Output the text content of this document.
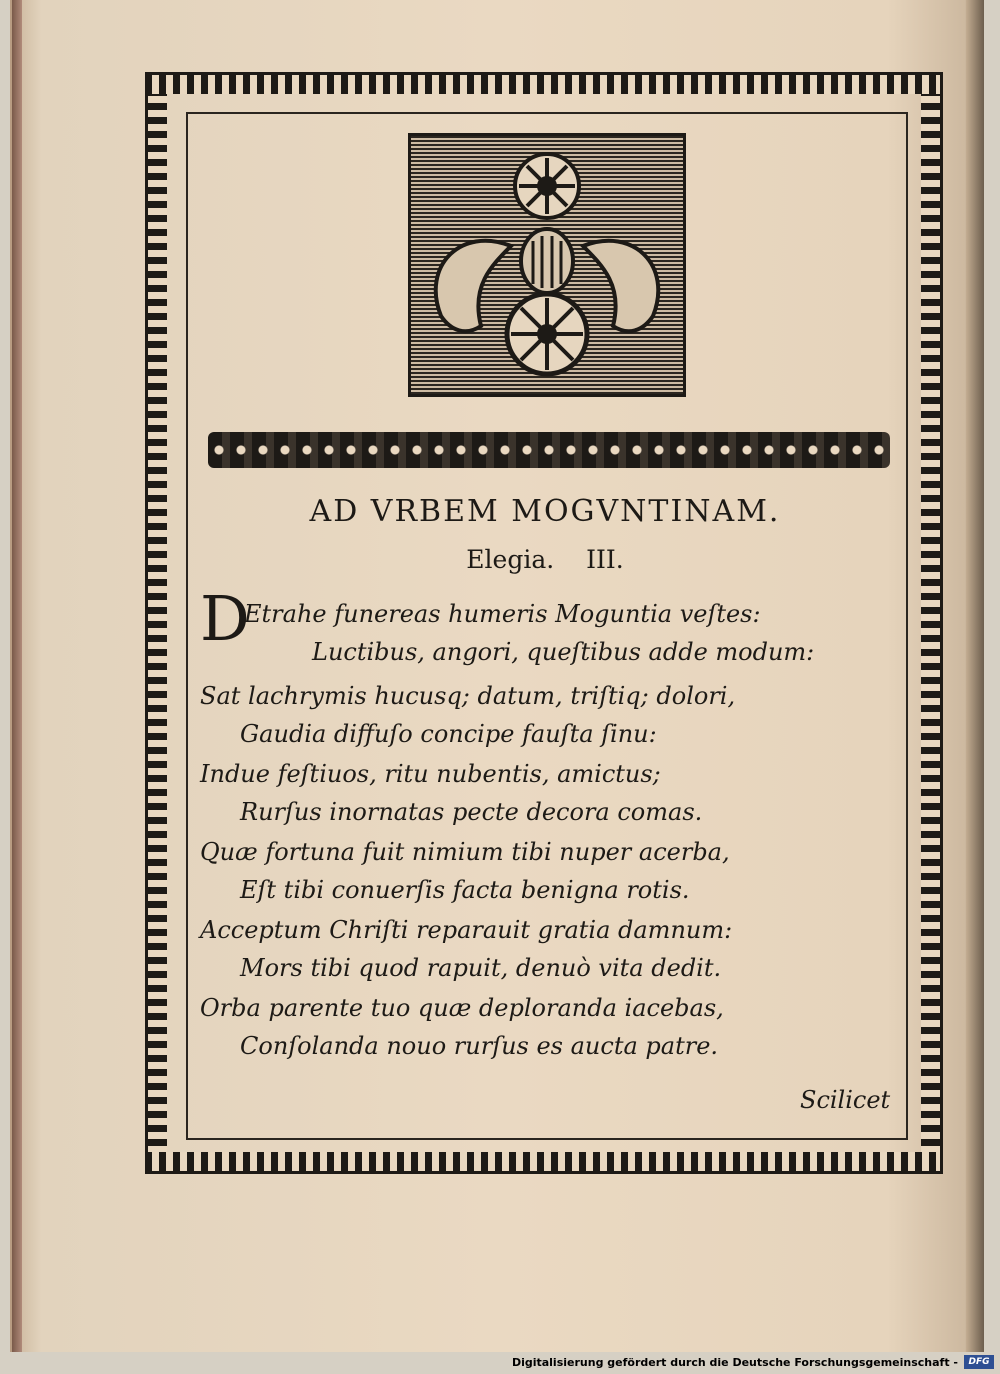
AD VRBEM MOGVNTINAM.
Elegia. III.
D
Etrahe funereas humeris Moguntia veſtes:
Luctibus, angori, queſtibus adde modum:
Sat lachrymis hucusq; datum, triſtiq; dolori,
Gaudia diffuſo concipe fauſta ſinu:
Indue feſtiuos, ritu nubentis, amictus;
Rurſus inornatas pecte decora comas.
Quæ fortuna fuit nimium tibi nuper acerba,
Eſt tibi conuerſis facta benigna rotis.
Acceptum Chriſti reparauit gratia damnum:
Mors tibi quod rapuit, denuò vita dedit.
Orba parente tuo quæ deploranda iacebas,
Conſolanda nouo rurſus es aucta patre.
Scilicet
Digitalisierung gefördert durch die Deutsche Forschungsgemeinschaft -	DFG
